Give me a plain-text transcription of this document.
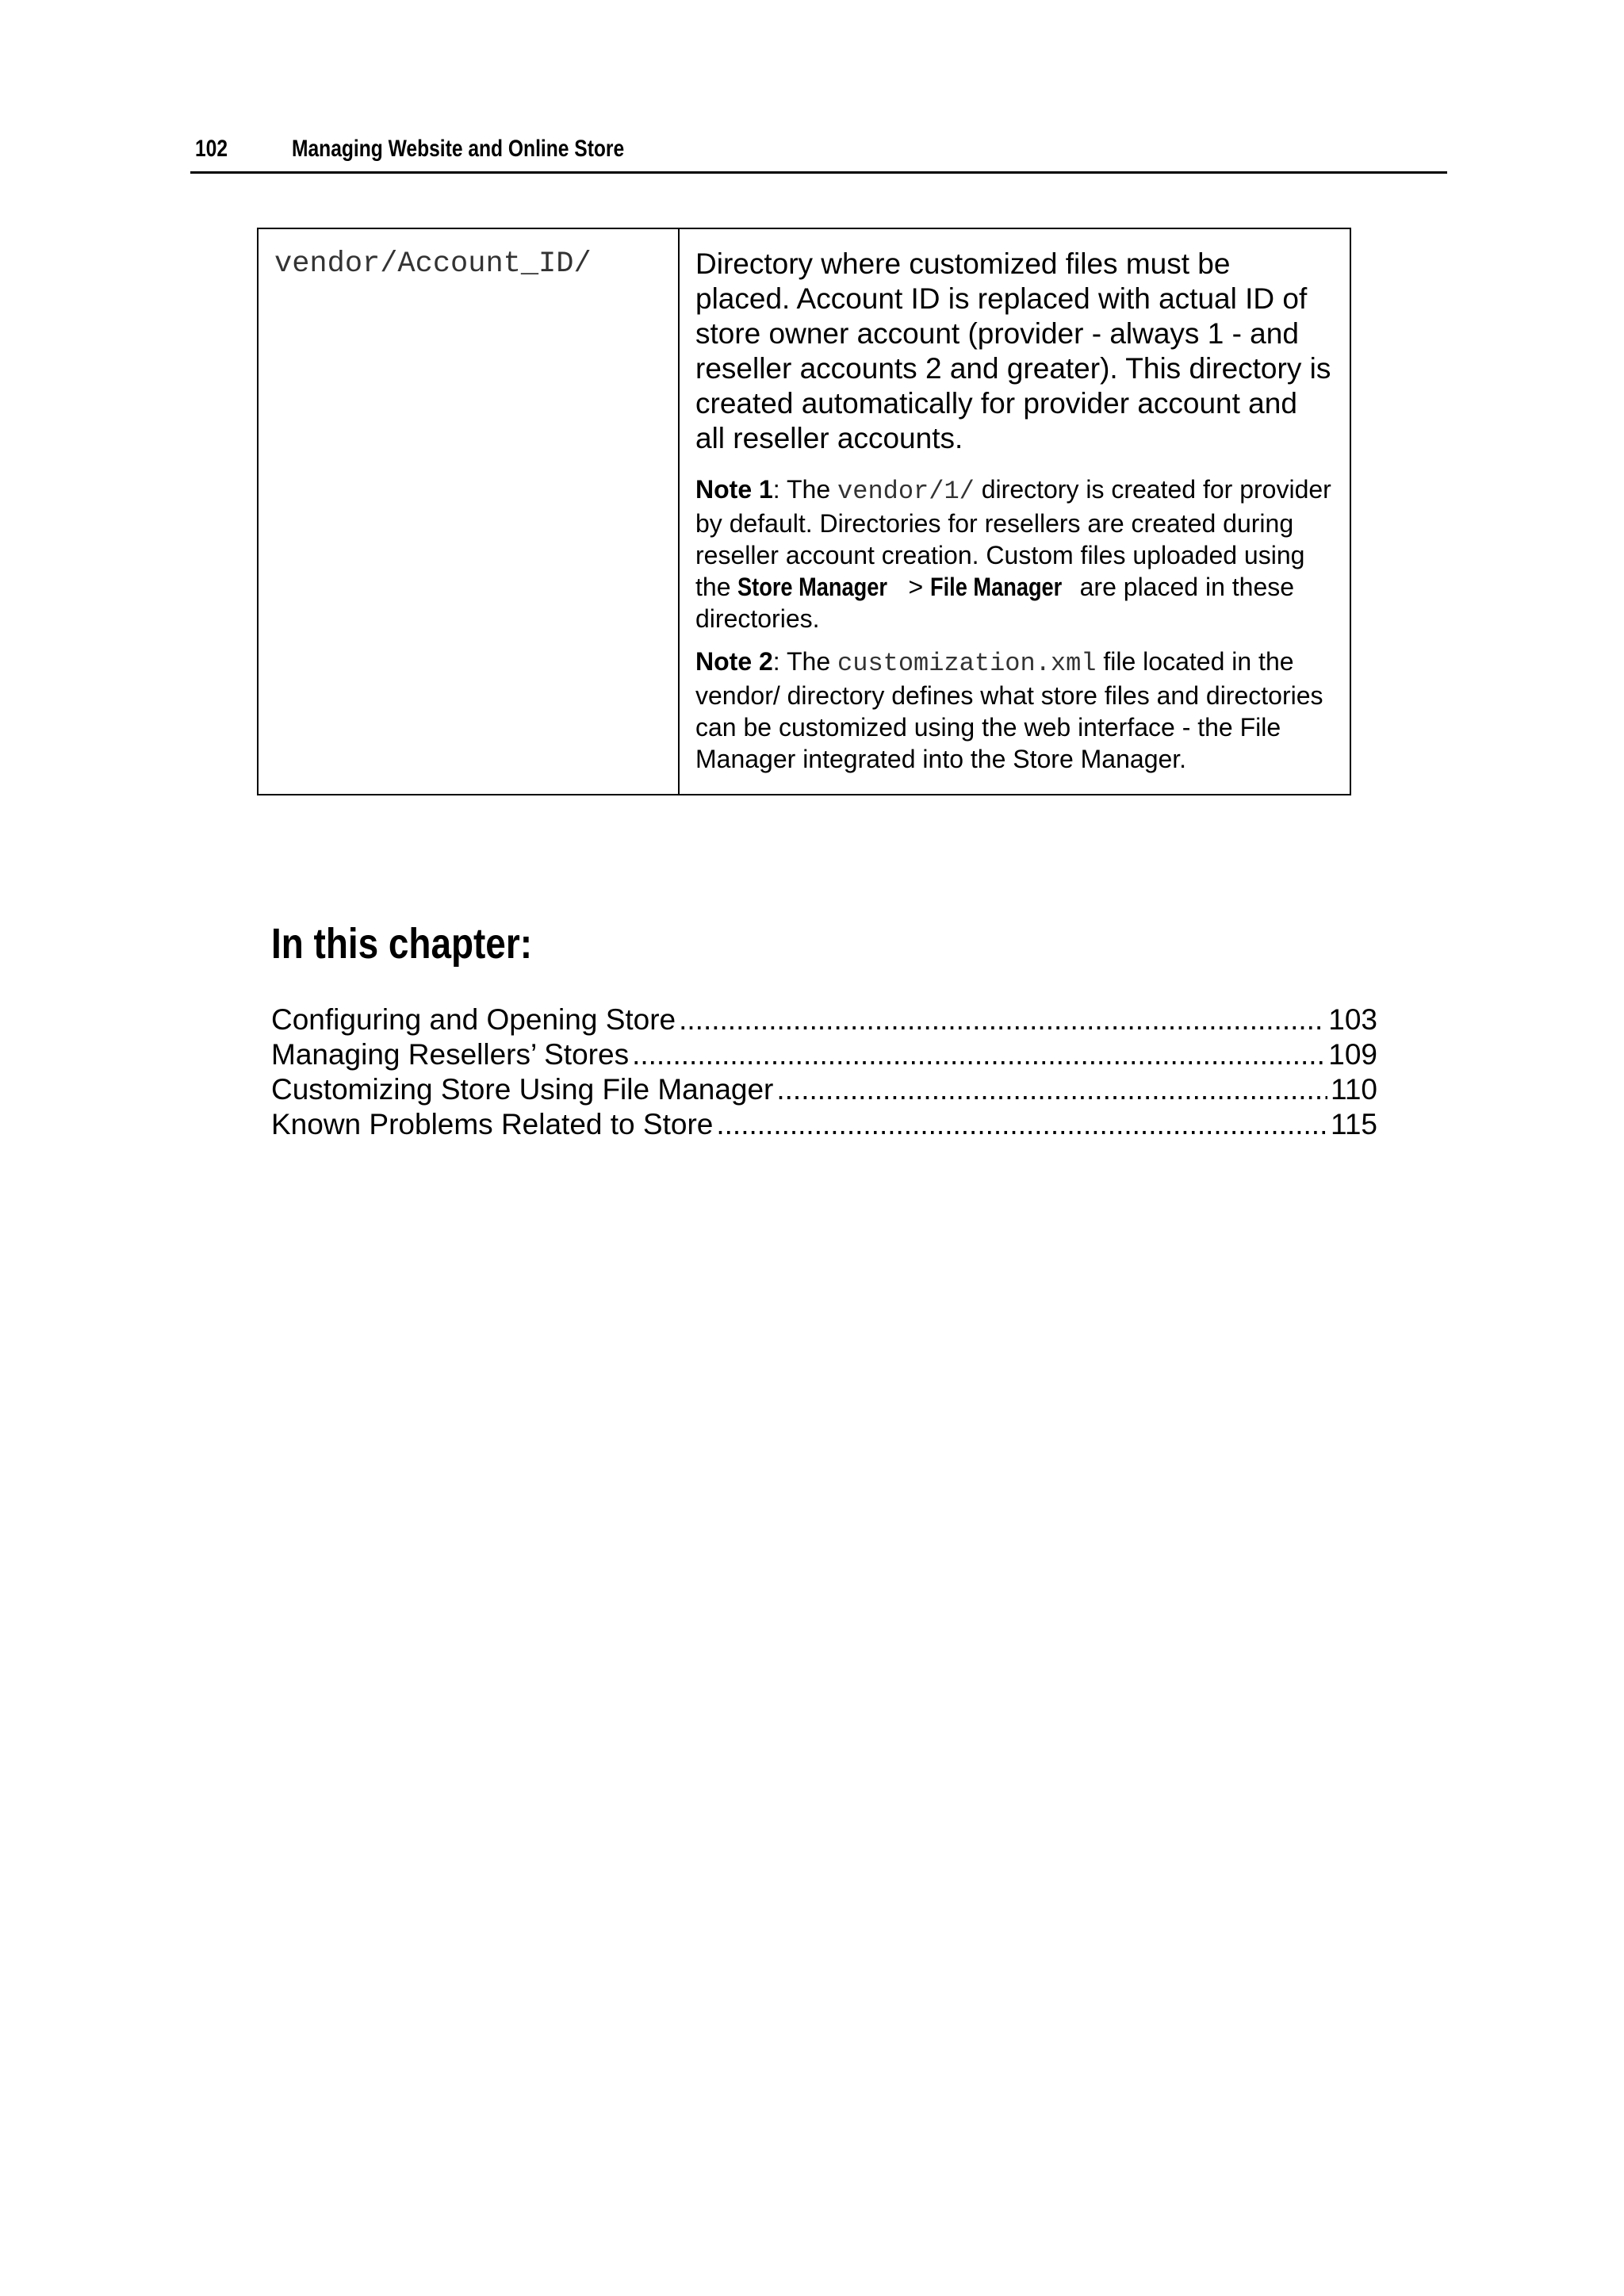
102	Managing Website and Online Store
vendor/Account_ID/	Directory where customized files must be placed. Account ID is replaced with actual ID of store owner account (provider - always 1 - and reseller accounts 2 and greater). This directory is created automatically for provider account and all reseller accounts.

Note 1: The vendor/1/ directory is created for provider by default. Directories for resellers are created during reseller account creation. Custom files uploaded using the Store Manager > File Manager are placed in these directories.

Note 2: The customization.xml file located in the vendor/ directory defines what store files and directories can be customized using the web interface - the File Manager integrated into the Store Manager.

In this chapter:
Configuring and Opening Store .....	103
Managing Resellers’ Stores .....	109
Customizing Store Using File Manager .....	110
Known Problems Related to Store .....	115
